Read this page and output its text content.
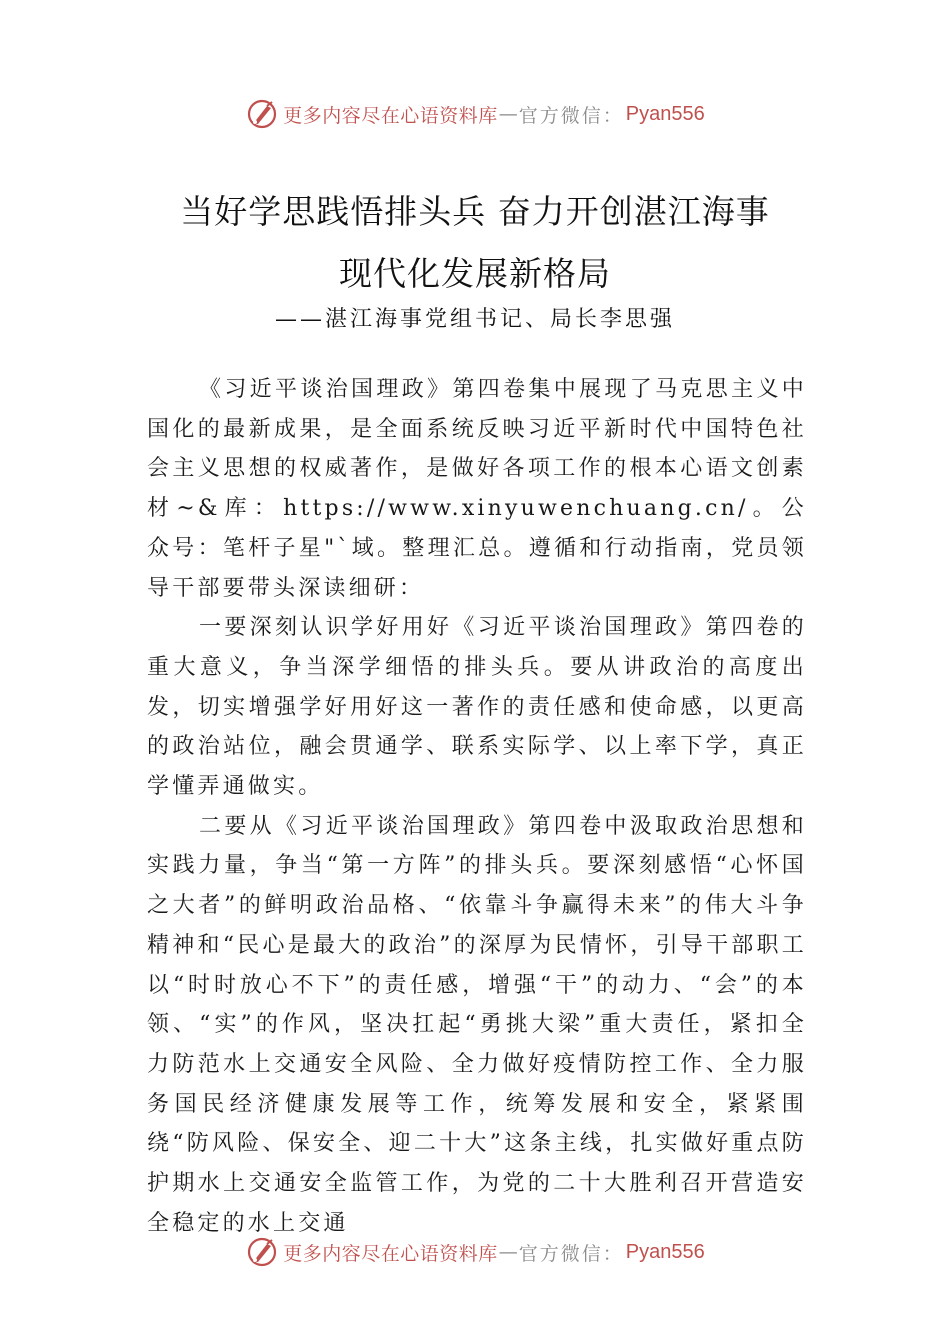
更多内容尽在心语资料库 — 官方微信： Pyan556
当好学思践悟排头兵 奋力开创湛江海事
现代化发展新格局
——湛江海事党组书记、局长李思强

《习近平谈治国理政》第四卷集中展现了马克思主义中国化的最新成果，是全面系统反映习近平新时代中国特色社会主义思想的权威著作，是做好各项工作的根本心语文创素材~&库：https://www.xinyuwenchuang.cn/。公众号：笔杆子星"`域。整理汇总。遵循和行动指南，党员领导干部要带头深读细研：

一要深刻认识学好用好《习近平谈治国理政》第四卷的重大意义，争当深学细悟的排头兵。要从讲政治的高度出发，切实增强学好用好这一著作的责任感和使命感，以更高的政治站位，融会贯通学、联系实际学、以上率下学，真正学懂弄通做实。

二要从《习近平谈治国理政》第四卷中汲取政治思想和实践力量，争当“第一方阵”的排头兵。要深刻感悟“心怀国之大者”的鲜明政治品格、“依靠斗争赢得未来”的伟大斗争精神和“民心是最大的政治”的深厚为民情怀，引导干部职工以“时时放心不下”的责任感，增强“干”的动力、“会”的本领、“实”的作风，坚决扛起“勇挑大梁”重大责任，紧扣全力防范水上交通安全风险、全力做好疫情防控工作、全力服务国民经济健康发展等工作，统筹发展和安全，紧紧围绕“防风险、保安全、迎二十大”这条主线，扎实做好重点防护期水上交通安全监管工作，为党的二十大胜利召开营造安全稳定的水上交通

更多内容尽在心语资料库 — 官方微信： Pyan556
